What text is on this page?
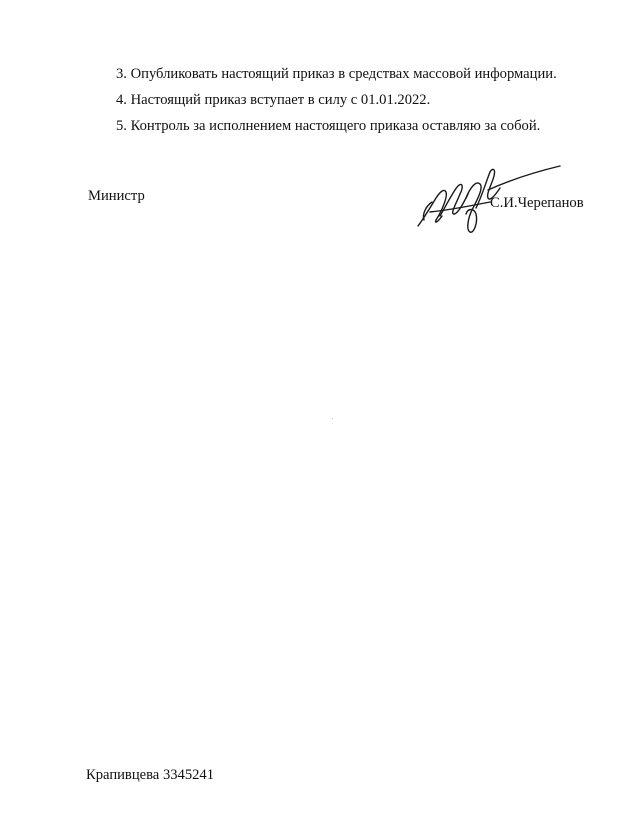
3. Опубликовать настоящий приказ в средствах массовой информации.
4. Настоящий приказ вступает в силу с 01.01.2022.
5. Контроль за исполнением настоящего приказа оставляю за собой.
Министр	С.И.Черепанов
Крапивцева 3345241
